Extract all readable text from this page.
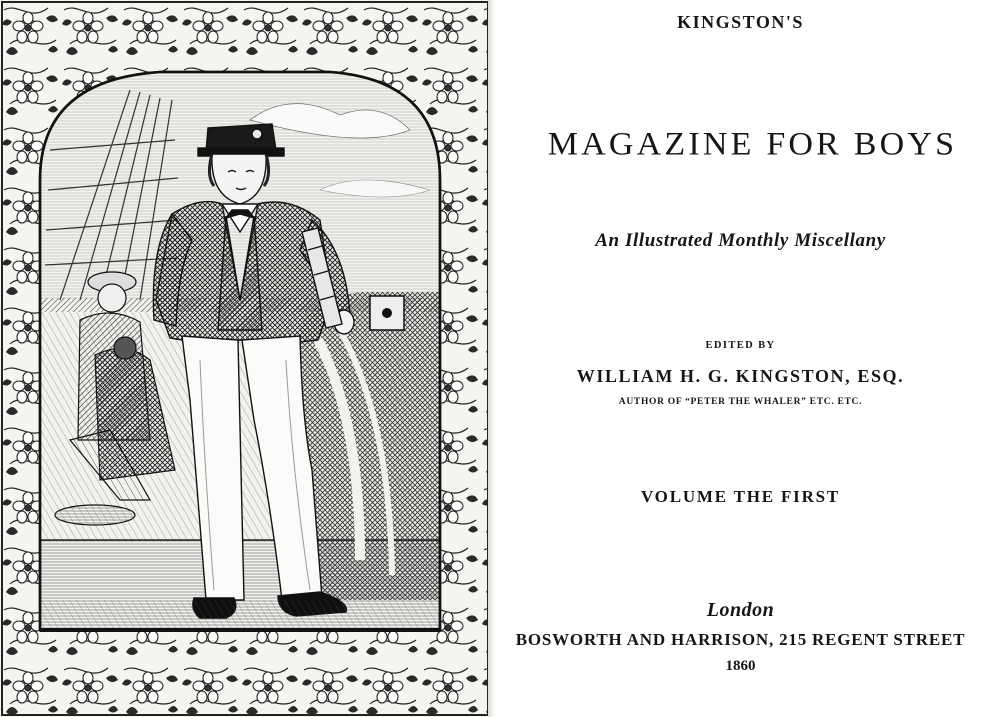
KINGSTON'S
MAGAZINE FOR BOYS
An Illustrated Monthly Miscellany
EDITED BY
WILLIAM H. G. KINGSTON, ESQ.
AUTHOR OF “PETER THE WHALER” ETC. ETC.
VOLUME THE FIRST
London
BOSWORTH AND HARRISON, 215 REGENT STREET
1860
